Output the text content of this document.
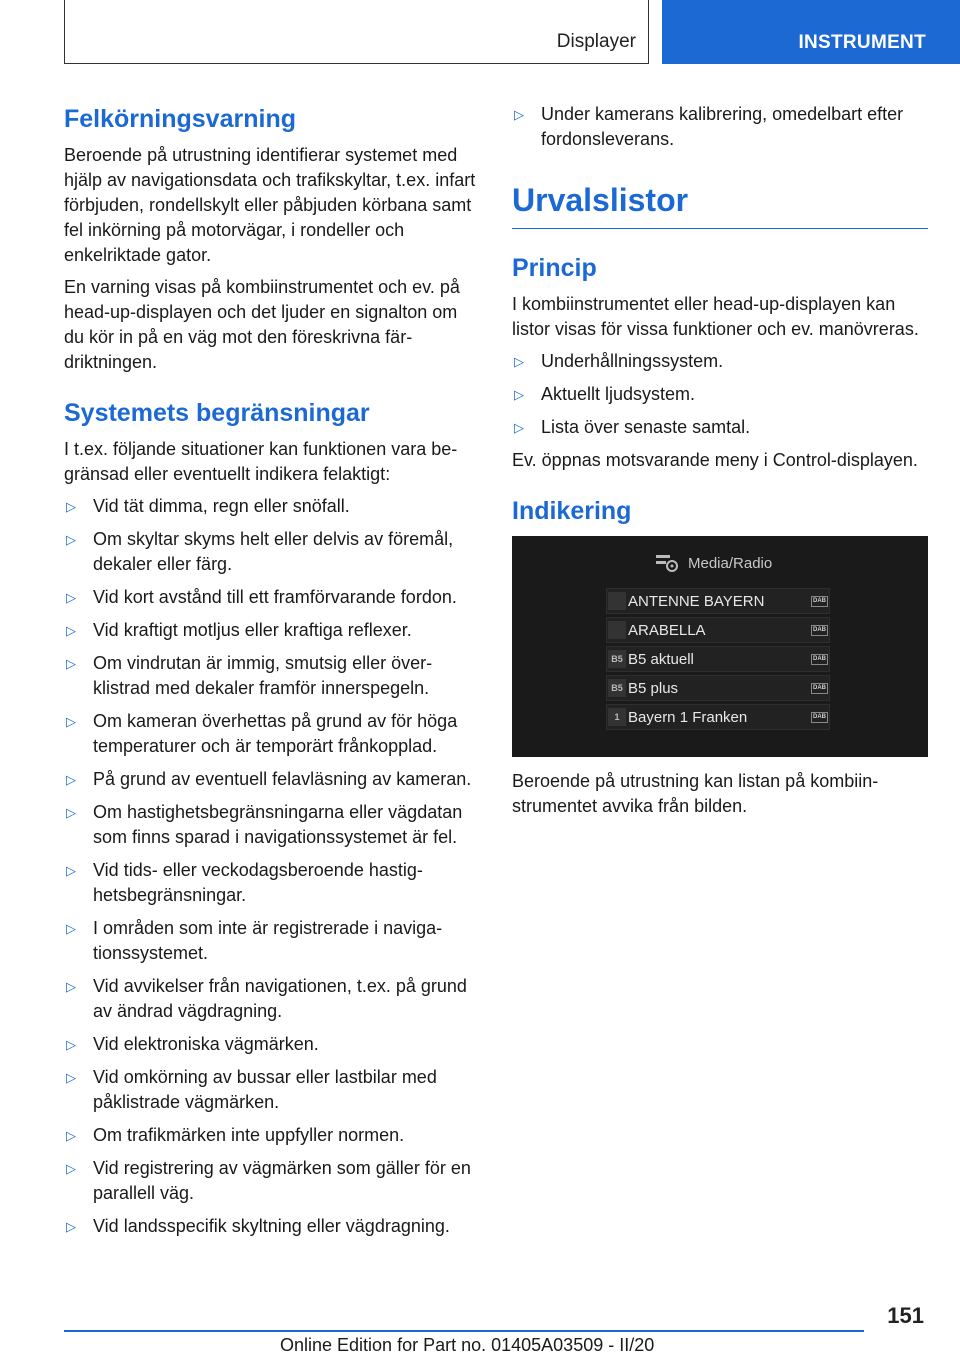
Displayer	INSTRUMENT
Felkörningsvarning

Beroende på utrustning identifierar systemet med hjälp av navigationsdata och trafikskyltar, t.ex. infart förbjuden, rondellskylt eller påbjuden körbana samt fel inkörning på motorvägar, i rondeller och enkelriktade gator.

En varning visas på kombiinstrumentet och ev. på head-up-displayen och det ljuder en signalton om du kör in på en väg mot den föreskrivna färdriktningen.

Systemets begränsningar

I t.ex. följande situationer kan funktionen vara begränsad eller eventuellt indikera felaktigt:

▷ Vid tät dimma, regn eller snöfall.
▷ Om skyltar skyms helt eller delvis av föremål, dekaler eller färg.
▷ Vid kort avstånd till ett framförvarande fordon.
▷ Vid kraftigt motljus eller kraftiga reflexer.
▷ Om vindrutan är immig, smutsig eller överklistrad med dekaler framför innerspegeln.
▷ Om kameran överhettas på grund av för höga temperaturer och är temporärt frånkopplad.
▷ På grund av eventuell felavläsning av kameran.
▷ Om hastighetsbegränsningarna eller vägdatan som finns sparad i navigationssystemet är fel.
▷ Vid tids- eller veckodagsberoende hastighetsbegränsningar.
▷ I områden som inte är registrerade i navigationssystemet.
▷ Vid avvikelser från navigationen, t.ex. på grund av ändrad vägdragning.
▷ Vid elektroniska vägmärken.
▷ Vid omkörning av bussar eller lastbilar med påklistrade vägmärken.
▷ Om trafikmärken inte uppfyller normen.
▷ Vid registrering av vägmärken som gäller för en parallell väg.
▷ Vid landsspecifik skyltning eller vägdragning.
▷ Under kamerans kalibrering, omedelbart efter fordonsleverans.
Urvalslistor
Princip

I kombiinstrumentet eller head-up-displayen kan listor visas för vissa funktioner och ev. manövreras.

▷ Underhållningssystem.
▷ Aktuellt ljudsystem.
▷ Lista över senaste samtal.

Ev. öppnas motsvarande meny i Control-displayen.

Indikering
Media/Radio
ANTENNE BAYERN	DAB
ARABELLA	DAB
B5 B5 aktuell	DAB
B5 B5 plus	DAB
1 Bayern 1 Franken	DAB

Beroende på utrustning kan listan på kombiinstrumentet avvika från bilden.

151
Online Edition for Part no. 01405A03509 - II/20
